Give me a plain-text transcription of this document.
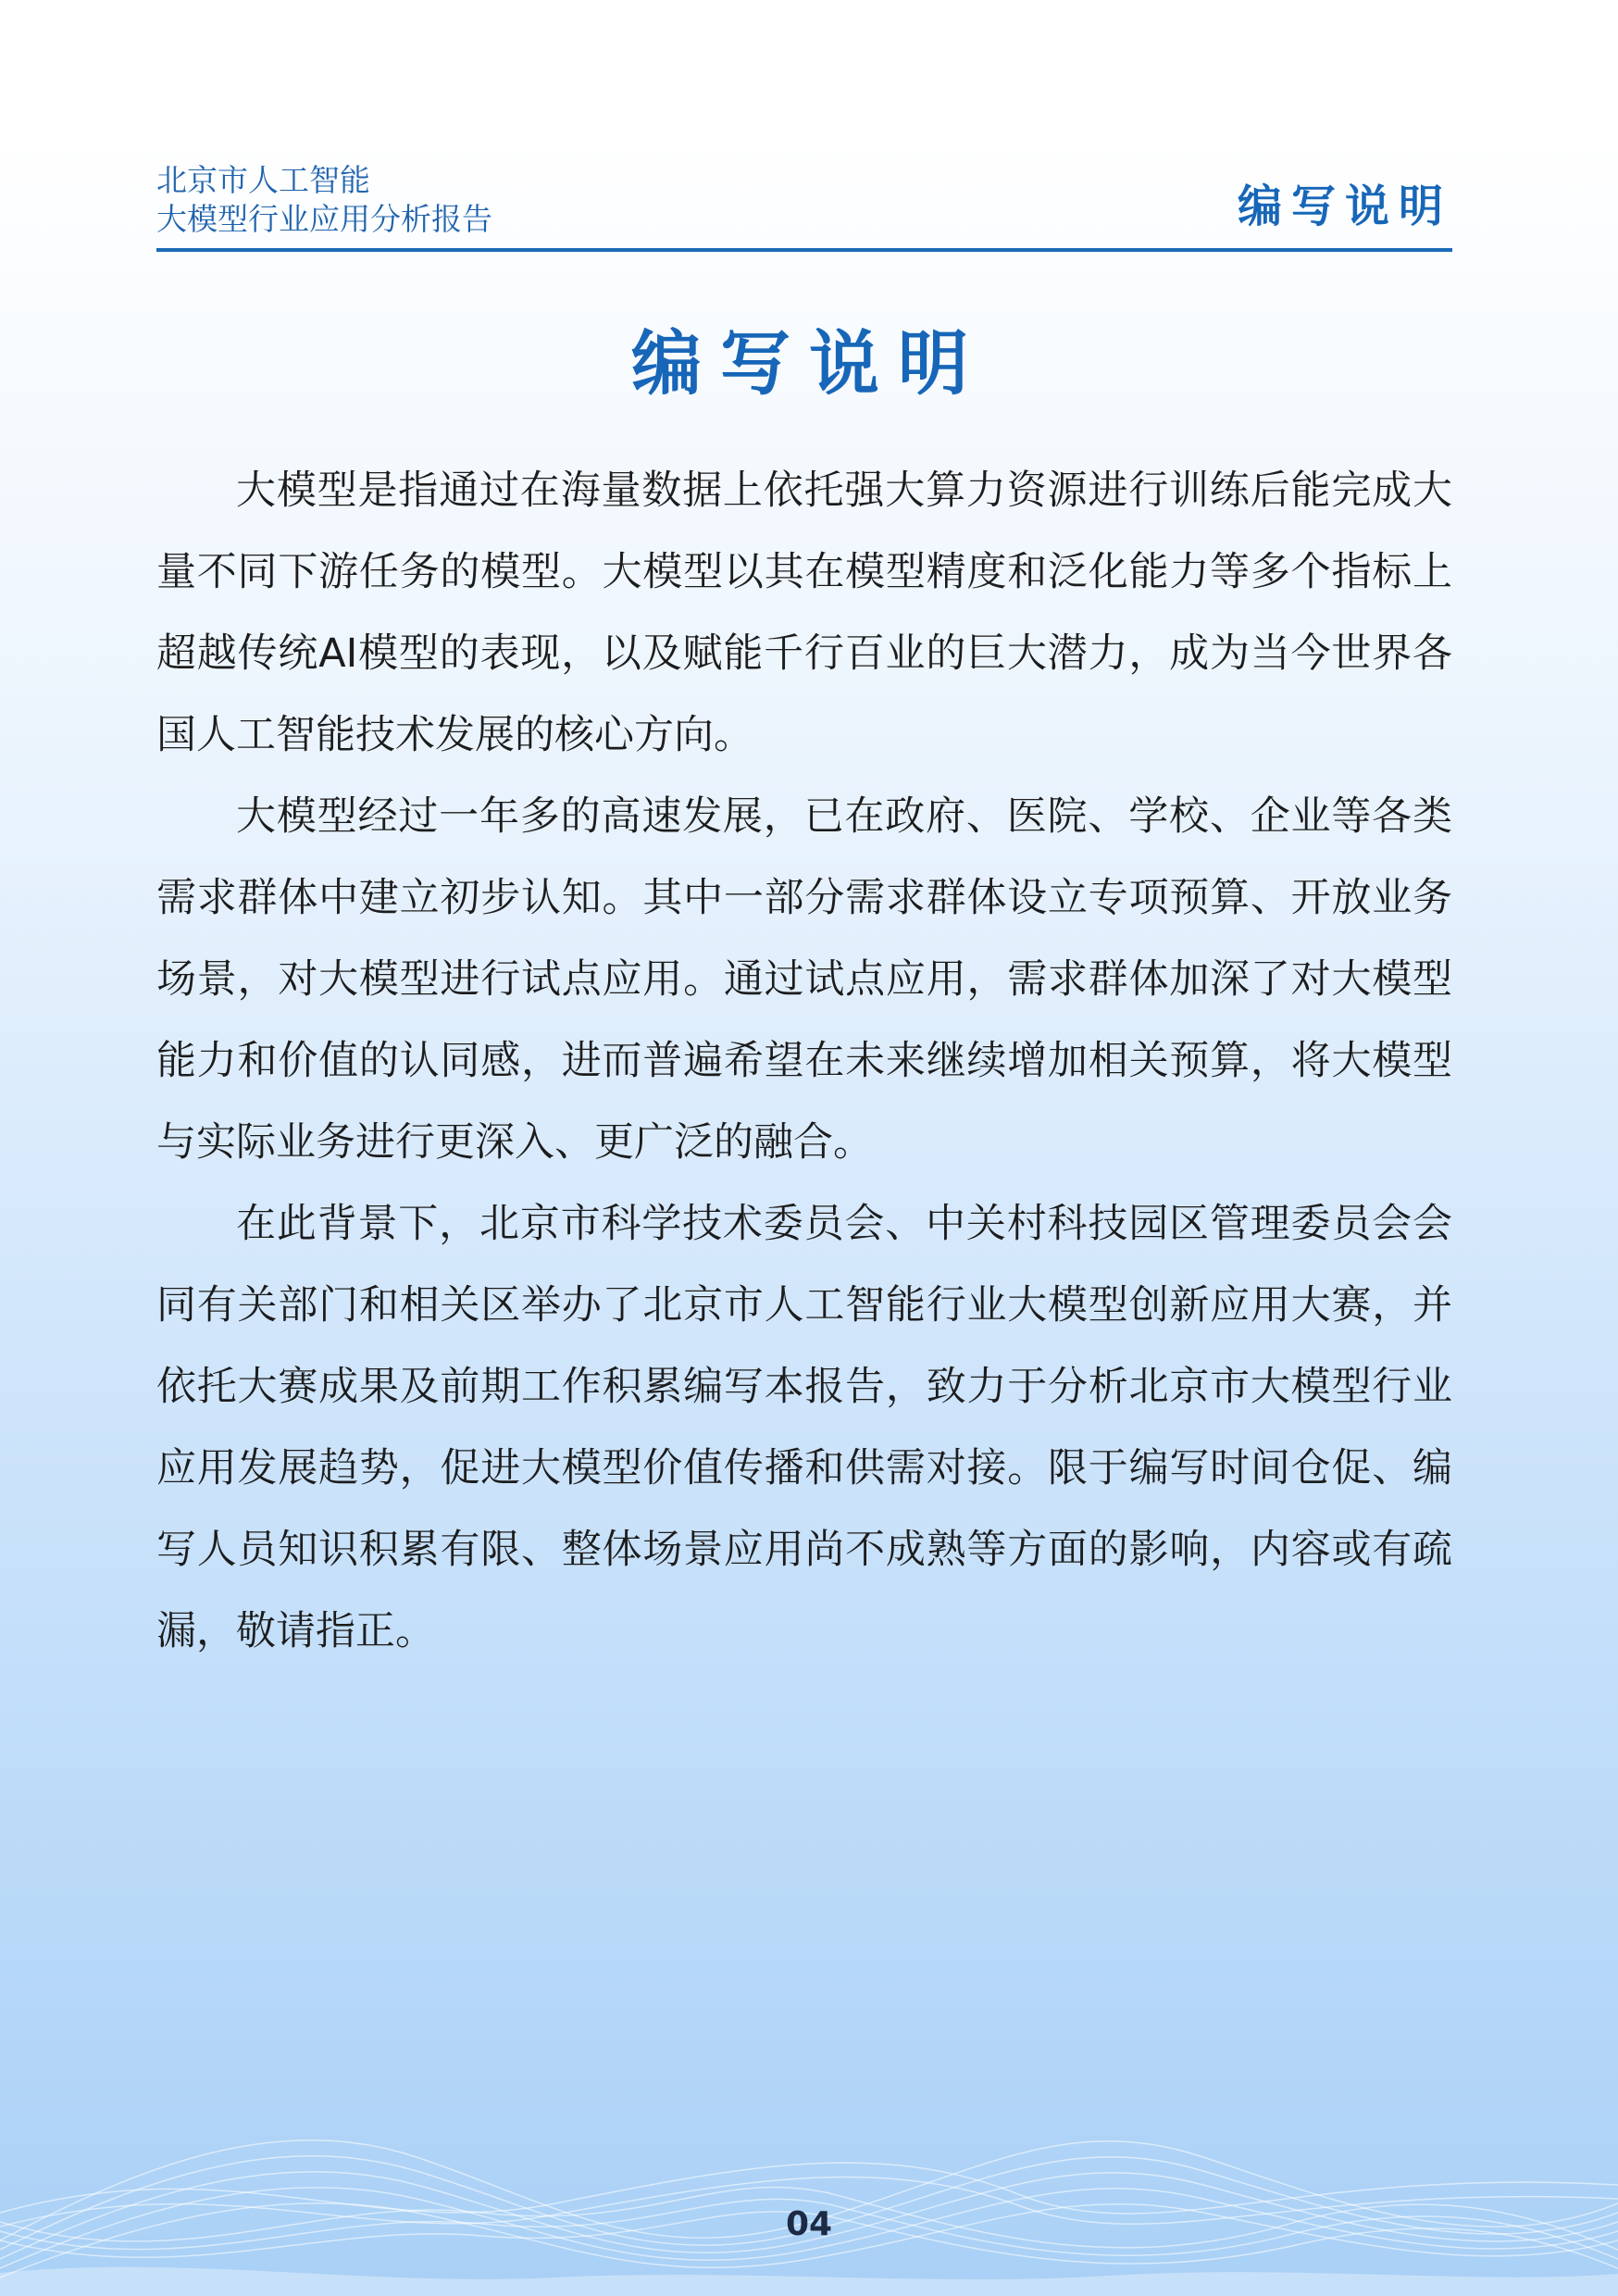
北京市人工智能
大模型行业应用分析报告	编写说明
编写说明

大模型是指通过在海量数据上依托强大算力资源进行训练后能完成大量不同下游任务的模型。大模型以其在模型精度和泛化能力等多个指标上超越传统AI模型的表现，以及赋能千行百业的巨大潜力，成为当今世界各国人工智能技术发展的核心方向。

大模型经过一年多的高速发展，已在政府、医院、学校、企业等各类需求群体中建立初步认知。其中一部分需求群体设立专项预算、开放业务场景，对大模型进行试点应用。通过试点应用，需求群体加深了对大模型能力和价值的认同感，进而普遍希望在未来继续增加相关预算，将大模型与实际业务进行更深入、更广泛的融合。

在此背景下，北京市科学技术委员会、中关村科技园区管理委员会会同有关部门和相关区举办了北京市人工智能行业大模型创新应用大赛，并依托大赛成果及前期工作积累编写本报告，致力于分析北京市大模型行业应用发展趋势，促进大模型价值传播和供需对接。限于编写时间仓促、编写人员知识积累有限、整体场景应用尚不成熟等方面的影响，内容或有疏漏，敬请指正。

04
